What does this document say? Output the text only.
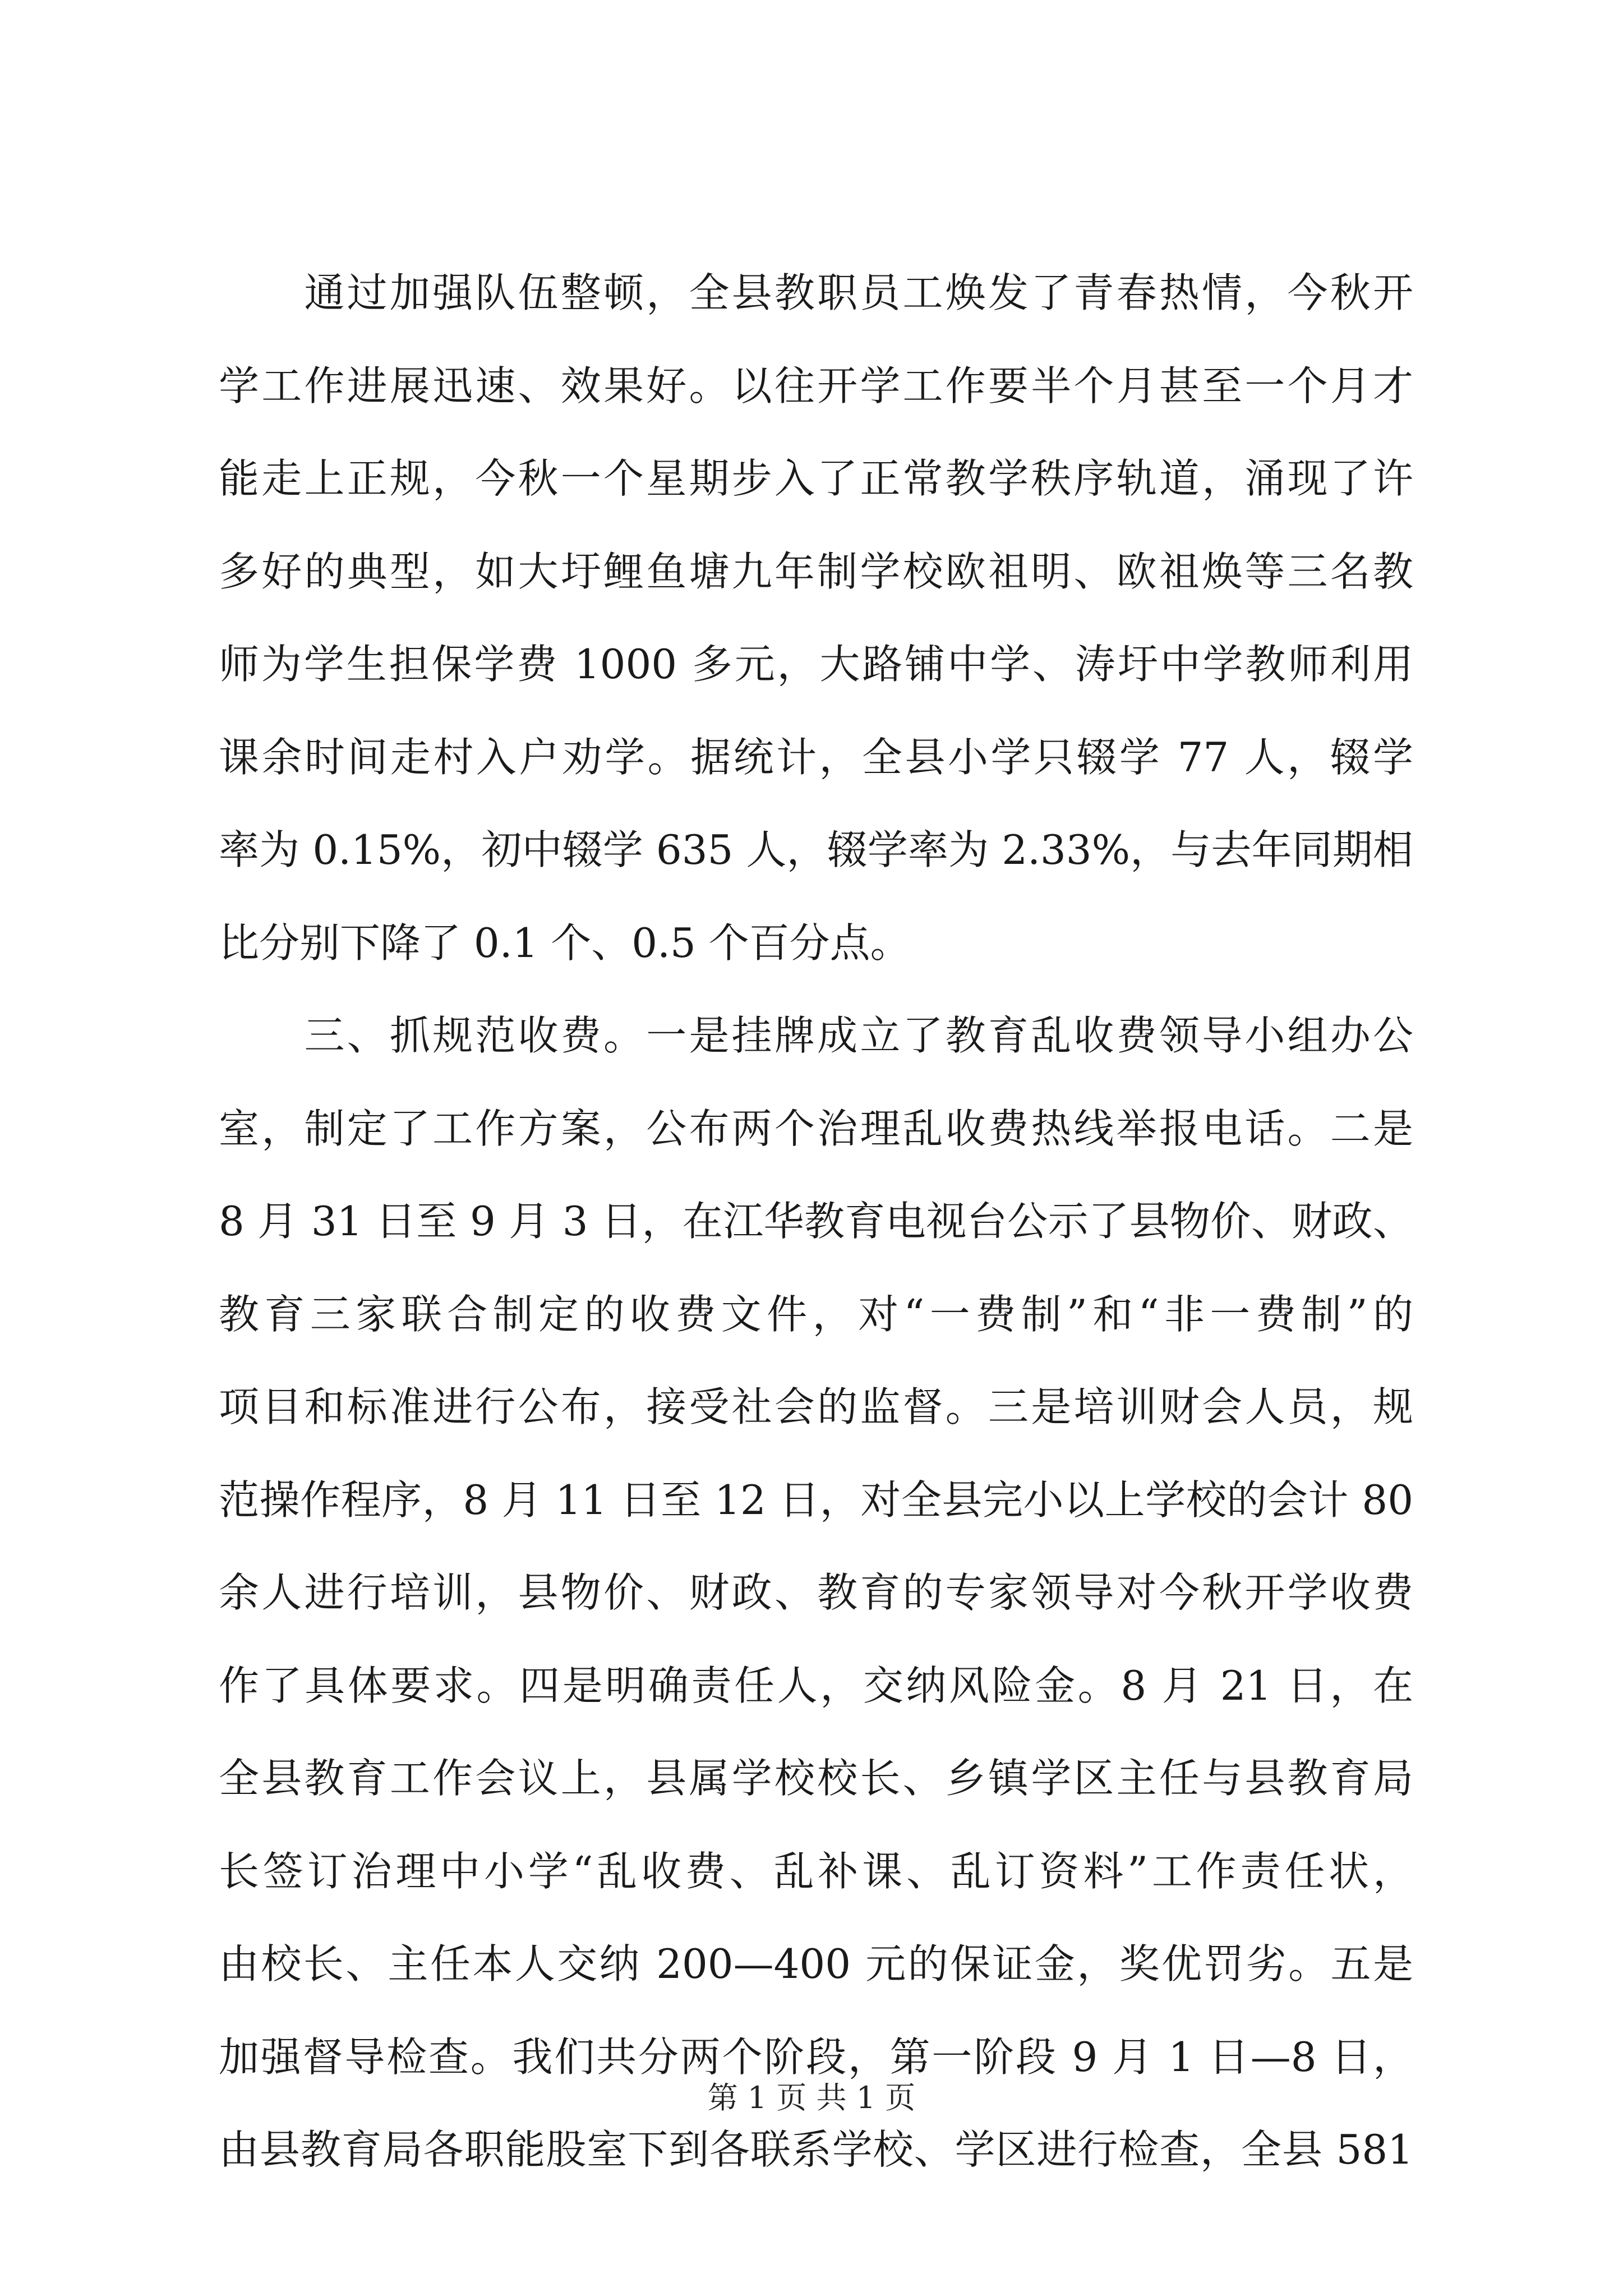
　　通过加强队伍整顿，全县教职员工焕发了青春热情，今秋开
学工作进展迅速、效果好。以往开学工作要半个月甚至一个月才
能走上正规，今秋一个星期步入了正常教学秩序轨道，涌现了许
多好的典型，如大圩鲤鱼塘九年制学校欧祖明、欧祖焕等三名教
师为学生担保学费 1000 多元，大路铺中学、涛圩中学教师利用
课余时间走村入户劝学。据统计，全县小学只辍学 77 人，辍学
率为 0.15%，初中辍学 635 人，辍学率为 2.33%，与去年同期相
比分别下降了 0.1 个、0.5 个百分点。
　　三、抓规范收费。一是挂牌成立了教育乱收费领导小组办公
室，制定了工作方案，公布两个治理乱收费热线举报电话。二是
8 月 31 日至 9 月 3 日，在江华教育电视台公示了县物价、财政、
教育三家联合制定的收费文件，对“一费制”和“非一费制”的
项目和标准进行公布，接受社会的监督。三是培训财会人员，规
范操作程序，8 月 11 日至 12 日，对全县完小以上学校的会计 80
余人进行培训，县物价、财政、教育的专家领导对今秋开学收费
作了具体要求。四是明确责任人，交纳风险金。8 月 21 日，在
全县教育工作会议上，县属学校校长、乡镇学区主任与县教育局
长签订治理中小学“乱收费、乱补课、乱订资料”工作责任状，
由校长、主任本人交纳 200—400 元的保证金，奖优罚劣。五是
加强督导检查。我们共分两个阶段，第一阶段 9 月 1 日—8 日，
由县教育局各职能股室下到各联系学校、学区进行检查，全县 581
第 1 页 共 1 页
